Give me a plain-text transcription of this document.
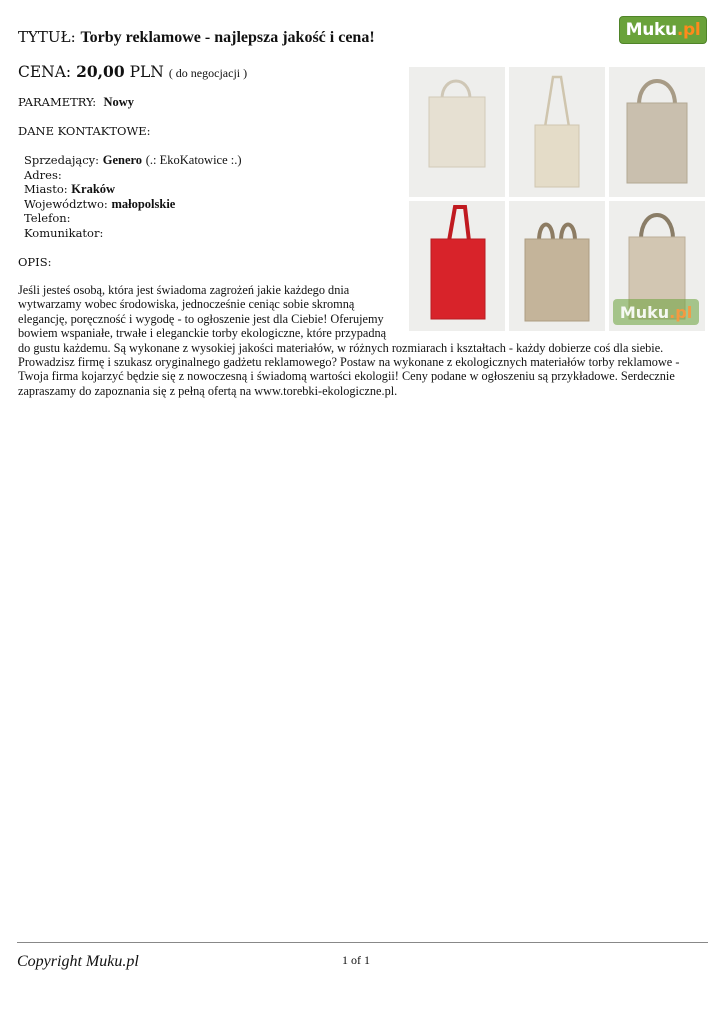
Muku.pl
TYTUŁ: Torby reklamowe - najlepsza jakość i cena!
CENA: 20,00 PLN ( do negocjacji )
PARAMETRY: Nowy
DANE KONTAKTOWE:
Sprzedający: Genero (.: EkoKatowice :.)
Adres:
Miasto: Kraków
Województwo: małopolskie
Telefon:
Komunikator:
OPIS:
Jeśli jesteś osobą, która jest świadoma zagrożeń jakie każdego dnia
wytwarzamy wobec środowiska, jednocześnie ceniąc sobie skromną
elegancję, poręczność i wygodę - to ogłoszenie jest dla Ciebie! Oferujemy
bowiem wspaniałe, trwałe i eleganckie torby ekologiczne, które przypadną
do gustu każdemu. Są wykonane z wysokiej jakości materiałów, w różnych rozmiarach i kształtach - każdy dobierze coś dla siebie.
Prowadzisz firmę i szukasz oryginalnego gadżetu reklamowego? Postaw na wykonane z ekologicznych materiałów torby reklamowe -
Twoja firma kojarzyć będzie się z nowoczesną i świadomą wartości ekologii! Ceny podane w ogłoszeniu są przykładowe. Serdecznie
zapraszamy do zapoznania się z pełną ofertą na www.torebki-ekologiczne.pl.
Muku.pl
Copyright Muku.pl	1 of 1
